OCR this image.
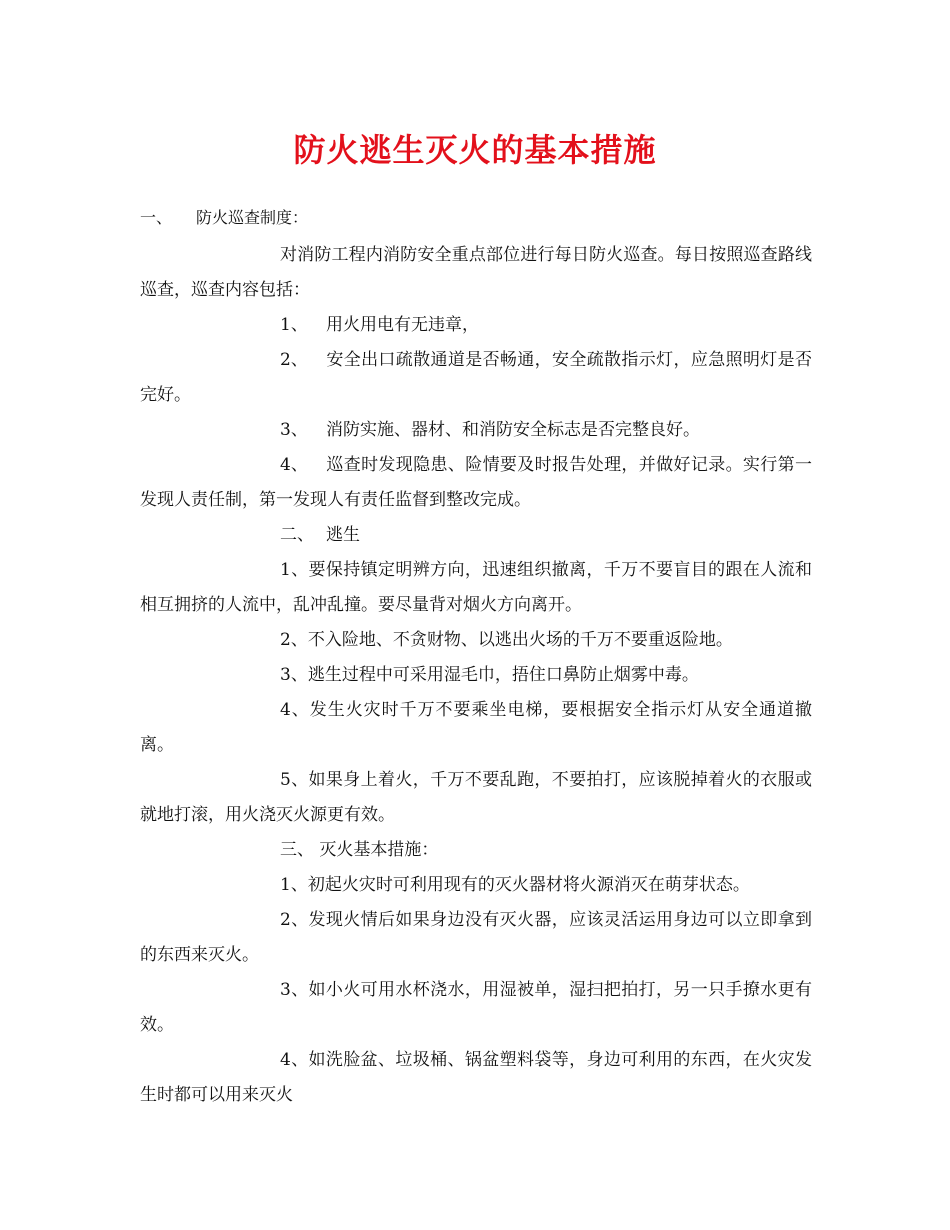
防火逃生灭火的基本措施
一、 防火巡查制度：

对消防工程内消防安全重点部位进行每日防火巡查。每日按照巡查路线巡查，巡查内容包括：

1、 用火用电有无违章，

2、 安全出口疏散通道是否畅通，安全疏散指示灯，应急照明灯是否完好。

3、 消防实施、器材、和消防安全标志是否完整良好。

4、 巡查时发现隐患、险情要及时报告处理，并做好记录。实行第一发现人责任制，第一发现人有责任监督到整改完成。

二、 逃生

1、要保持镇定明辨方向，迅速组织撤离，千万不要盲目的跟在人流和相互拥挤的人流中，乱冲乱撞。要尽量背对烟火方向离开。

2、不入险地、不贪财物、以逃出火场的千万不要重返险地。

3、逃生过程中可采用湿毛巾，捂住口鼻防止烟雾中毒。

4、发生火灾时千万不要乘坐电梯，要根据安全指示灯从安全通道撤离。

5、如果身上着火，千万不要乱跑，不要拍打，应该脱掉着火的衣服或就地打滚，用火浇灭火源更有效。

三、 灭火基本措施：

1、初起火灾时可利用现有的灭火器材将火源消灭在萌芽状态。

2、发现火情后如果身边没有灭火器，应该灵活运用身边可以立即拿到的东西来灭火。

3、如小火可用水杯浇水，用湿被单，湿扫把拍打，另一只手撩水更有效。

4、如洗脸盆、垃圾桶、锅盆塑料袋等，身边可利用的东西，在火灾发生时都可以用来灭火
